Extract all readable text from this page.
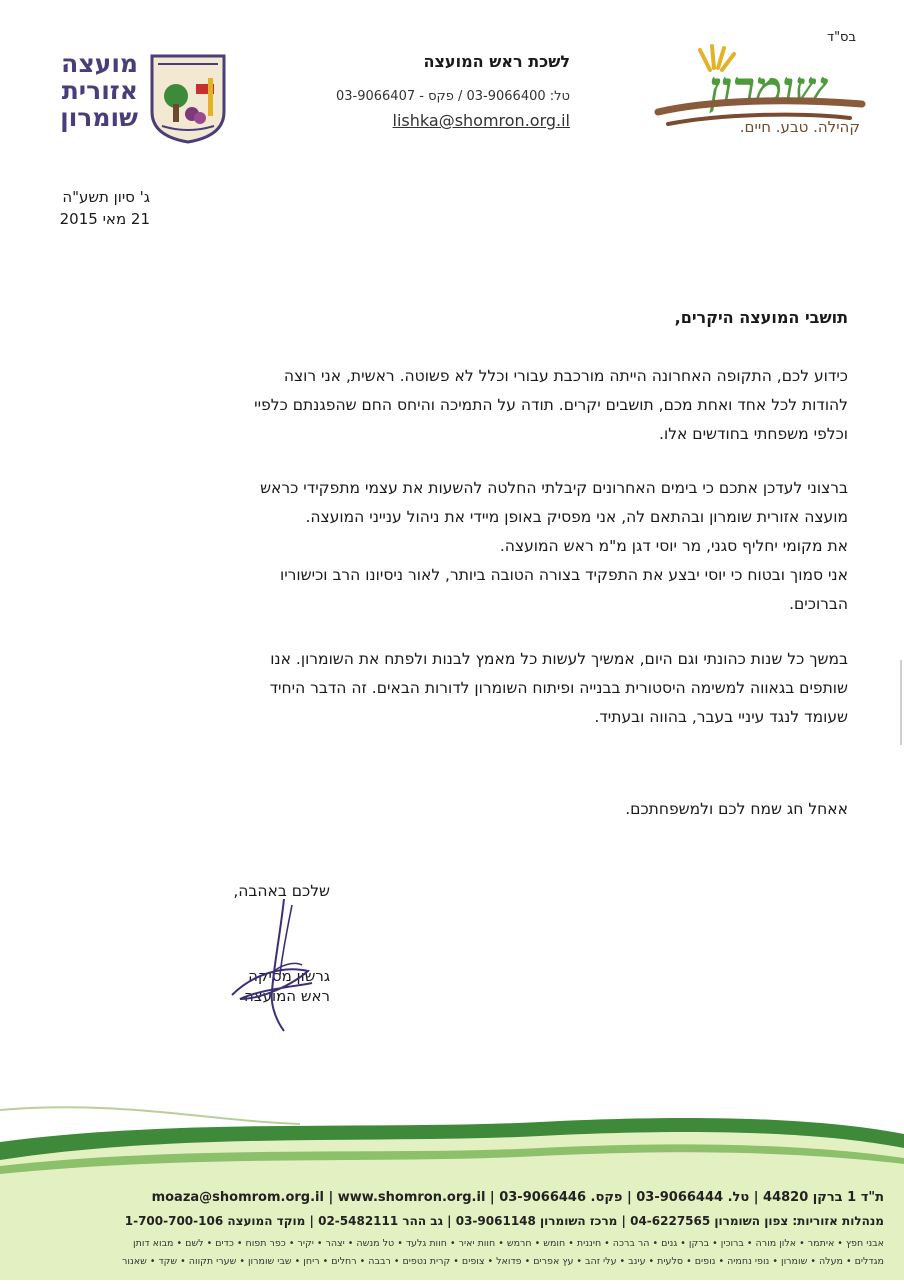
בס"ד
שומרון
קהילה. טבע. חיים.
לשכת ראש המועצה
טל: 03-9066400 / פקס - 03-9066407
lishka@shomron.org.il
מועצה
אזורית
שומרון
ג' סיון תשע"ה
21 מאי 2015
תושבי המועצה היקרים,
כידוע לכם, התקופה האחרונה הייתה מורכבת עבורי וכלל לא פשוטה. ראשית, אני רוצה
להודות לכל אחד ואחת מכם, תושבים יקרים. תודה על התמיכה והיחס החם שהפגנתם כלפיי
וכלפי משפחתי בחודשים אלו.
ברצוני לעדכן אתכם כי בימים האחרונים קיבלתי החלטה להשעות את עצמי מתפקידי כראש
מועצה אזורית שומרון ובהתאם לה, אני מפסיק באופן מיידי את ניהול ענייני המועצה.
את מקומי יחליף סגני, מר יוסי דגן מ"מ ראש המועצה.
אני סמוך ובטוח כי יוסי יבצע את התפקיד בצורה הטובה ביותר, לאור ניסיונו הרב וכישוריו
הברוכים.
במשך כל שנות כהונתי וגם היום, אמשיך לעשות כל מאמץ לבנות ולפתח את השומרון. אנו
שותפים בגאווה למשימה היסטורית בבנייה ופיתוח השומרון לדורות הבאים. זה הדבר היחיד
שעומד לנגד עיניי בעבר, בהווה ובעתיד.
אאחל חג שמח לכם ולמשפחתכם.
שלכם באהבה,
גרשון מסיקה
ראש המועצה
ת"ד 1 ברקן 44820 | טל. 03-9066444 | פקס. 03-9066446 | moaza@shomrom.org.il | www.shomron.org.il
מנהלות אזוריות: צפון השומרון 04-6227565 | מרכז השומרון 03-9061148 | גב ההר 02-5482111 | מוקד המועצה 1-700-700-106
אבני חפץ • איתמר • אלון מורה • ברוכין • ברקן • גנים • הר ברכה • חיננית • חומש • חרמש • חוות יאיר • חוות גלעד • טל מנשה • יצהר • יקיר • כפר תפוח • כדים • לשם • מבוא דותן
מגדלים • מעלה • שומרון • נופי נחמיה • נופים • סלעית • עינב • עלי זהב • עץ אפרים • פדואל • צופים • קרית נטפים • רבבה • רחלים • ריחן • שבי שומרון • שערי תקווה • שקד • שאנור
